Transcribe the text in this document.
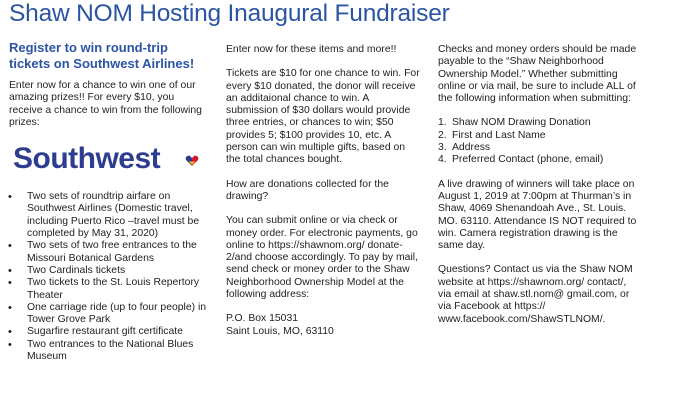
Shaw NOM Hosting Inaugural Fundraiser

Register to win round-trip tickets on Southwest Airlines!

Enter now for a chance to win one of our amazing prizes!! For every $10, you receive a chance to win from the following prizes:

Southwest
• Two sets of roundtrip airfare on Southwest Airlines (Domestic travel, including Puerto Rico –travel must be completed by May 31, 2020)
• Two sets of two free entrances to the Missouri Botanical Gardens
• Two Cardinals tickets
• Two tickets to the St. Louis Repertory Theater
• One carriage ride (up to four people) in Tower Grove Park
• Sugarfire restaurant gift certificate
• Two entrances to the National Blues Museum

Enter now for these items and more!!

Tickets are $10 for one chance to win. For every $10 donated, the donor will receive an additaional chance to win. A submission of $30 dollars would provide three entries, or chances to win; $50 provides 5; $100 provides 10, etc. A person can win multiple gifts, based on the total chances bought.

How are donations collected for the drawing?

You can submit online or via check or money order. For electronic payments, go online to https://shawnom.org/ donate-2/and choose accordingly. To pay by mail, send check or money order to the Shaw Neighborhood Ownership Model at the following address:

P.O. Box 15031
Saint Louis, MO, 63110

Checks and money orders should be made payable to the “Shaw Neighborhood Ownership Model.” Whether submitting online or via mail, be sure to include ALL of the following information when submitting:

1. Shaw NOM Drawing Donation
2. First and Last Name
3. Address
4. Preferred Contact (phone, email)

A live drawing of winners will take place on August 1, 2019 at 7:00pm at Thurman’s in Shaw, 4069 Shenandoah Ave., St. Louis. MO. 63110. Attendance IS NOT required to win. Camera registration drawing is the same day.

Questions? Contact us via the Shaw NOM website at https://shawnom.org/ contact/, via email at shaw.stl.nom@ gmail.com, or via Facebook at https:// www.facebook.com/ShawSTLNOM/.
